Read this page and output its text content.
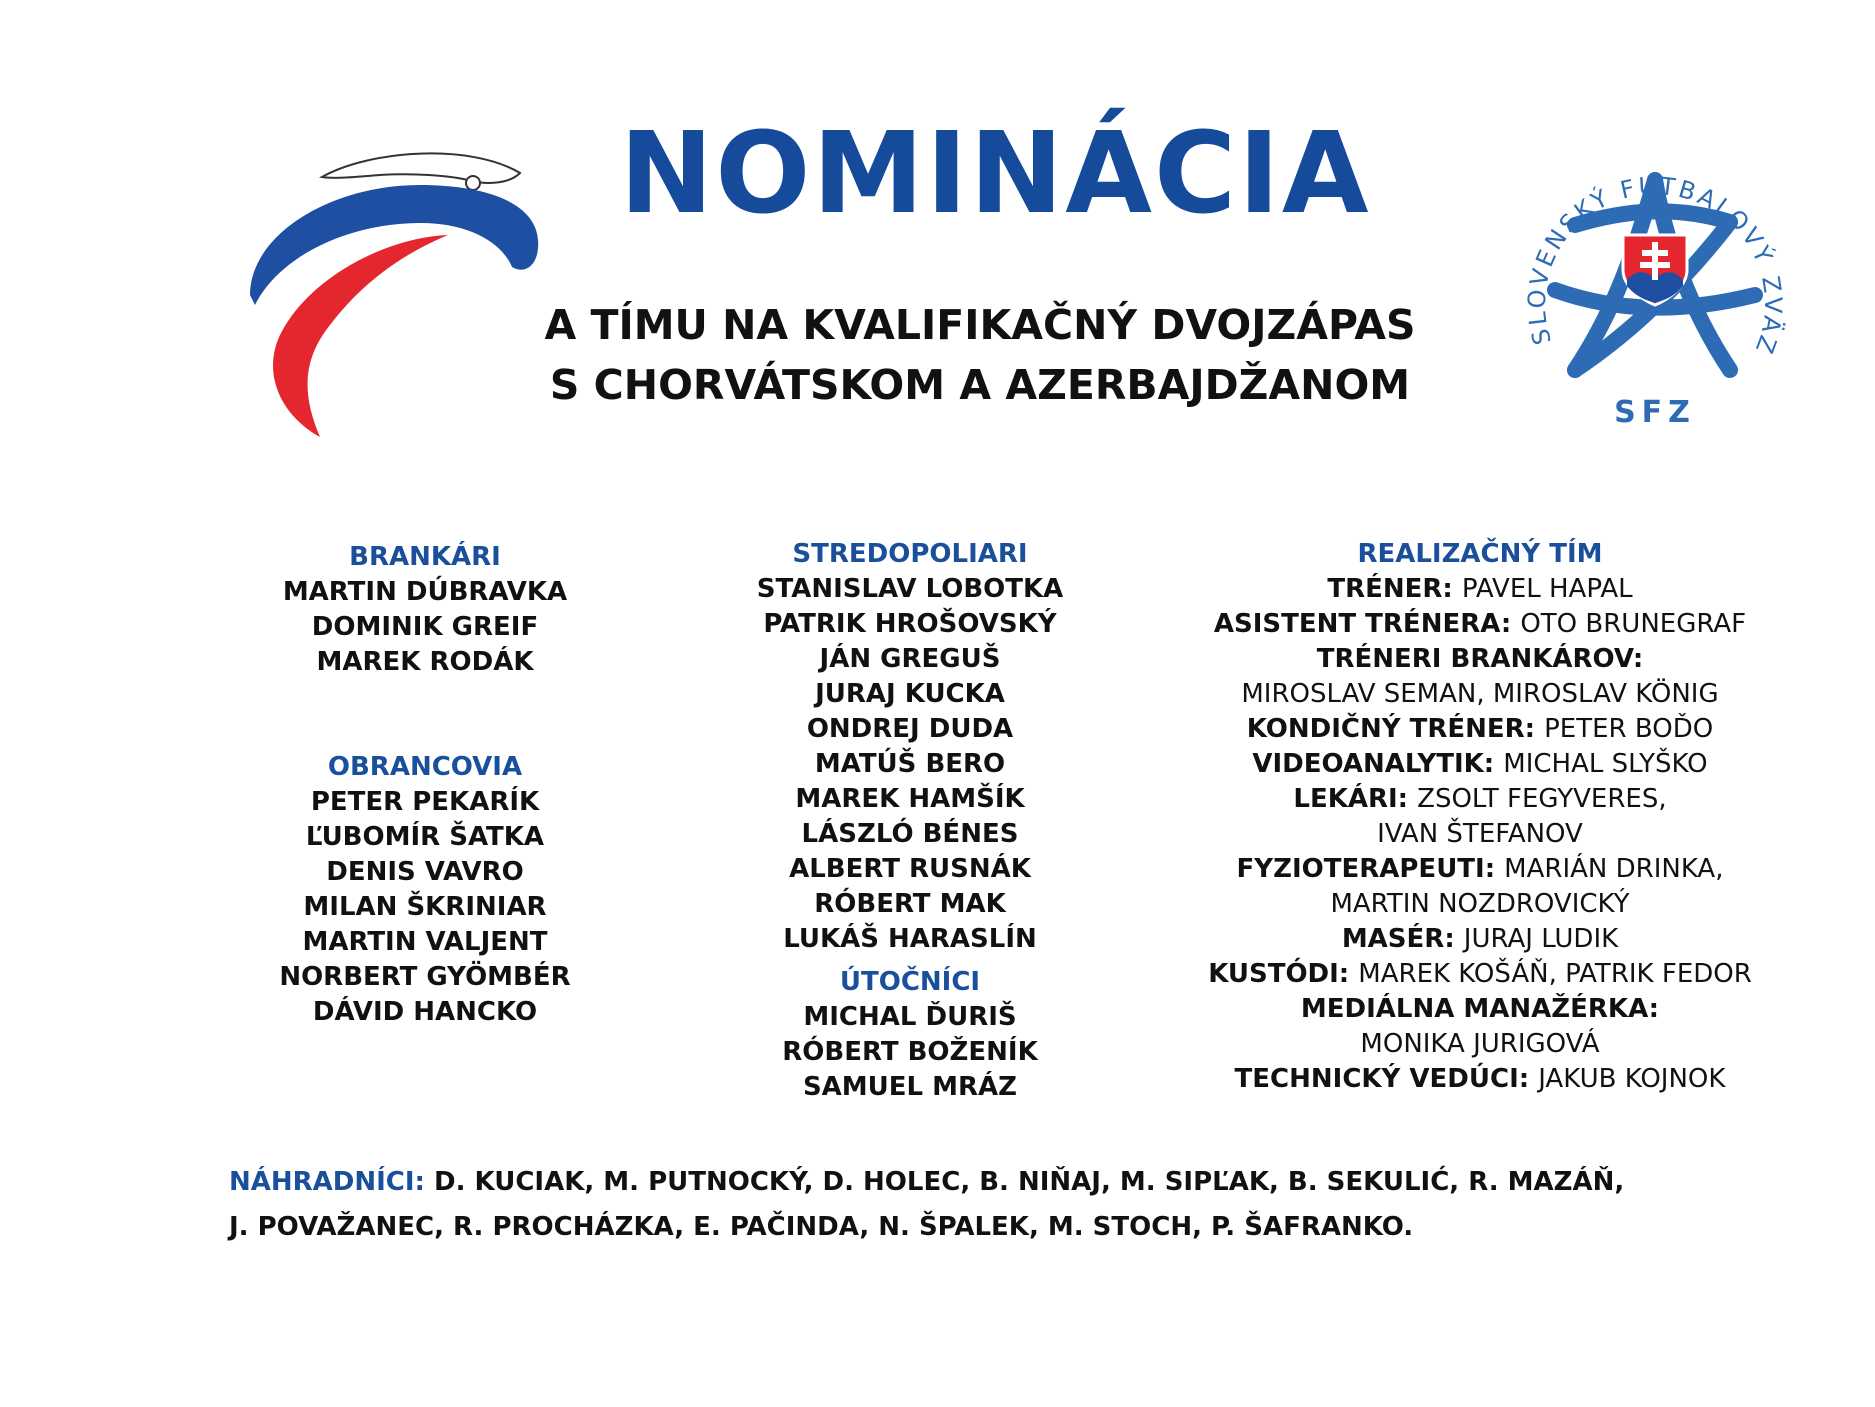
NOMINÁCIA
A TÍMU NA KVALIFIKAČNÝ DVOJZÁPAS
S CHORVÁTSKOM A AZERBAJDŽANOM
SLOVENSKÝ FUTBALOVÝ ZVÄZ
SFZ
BRANKÁRI
MARTIN DÚBRAVKA
DOMINIK GREIF
MAREK RODÁK
OBRANCOVIA
PETER PEKARÍK
ĽUBOMÍR ŠATKA
DENIS VAVRO
MILAN ŠKRINIAR
MARTIN VALJENT
NORBERT GYÖMBÉR
DÁVID HANCKO
STREDOPOLIARI
STANISLAV LOBOTKA
PATRIK HROŠOVSKÝ
JÁN GREGUŠ
JURAJ KUCKA
ONDREJ DUDA
MATÚŠ BERO
MAREK HAMŠÍK
LÁSZLÓ BÉNES
ALBERT RUSNÁK
RÓBERT MAK
LUKÁŠ HARASLÍN
ÚTOČNÍCI
MICHAL ĎURIŠ
RÓBERT BOŽENÍK
SAMUEL MRÁZ
REALIZAČNÝ TÍM
TRÉNER: PAVEL HAPAL
ASISTENT TRÉNERA: OTO BRUNEGRAF
TRÉNERI BRANKÁROV:
MIROSLAV SEMAN, MIROSLAV KÖNIG
KONDIČNÝ TRÉNER: PETER BOĎO
VIDEOANALYTIK: MICHAL SLYŠKO
LEKÁRI: ZSOLT FEGYVERES,
IVAN ŠTEFANOV
FYZIOTERAPEUTI: MARIÁN DRINKA,
MARTIN NOZDROVICKÝ
MASÉR: JURAJ LUDIK
KUSTÓDI: MAREK KOŠÁŇ, PATRIK FEDOR
MEDIÁLNA MANAŽÉRKA:
MONIKA JURIGOVÁ
TECHNICKÝ VEDÚCI: JAKUB KOJNOK
NÁHRADNÍCI: D. KUCIAK, M. PUTNOCKÝ, D. HOLEC, B. NIŇAJ, M. SIPĽAK, B. SEKULIĆ, R. MAZÁŇ,
J. POVAŽANEC, R. PROCHÁZKA, E. PAČINDA, N. ŠPALEK, M. STOCH, P. ŠAFRANKO.
